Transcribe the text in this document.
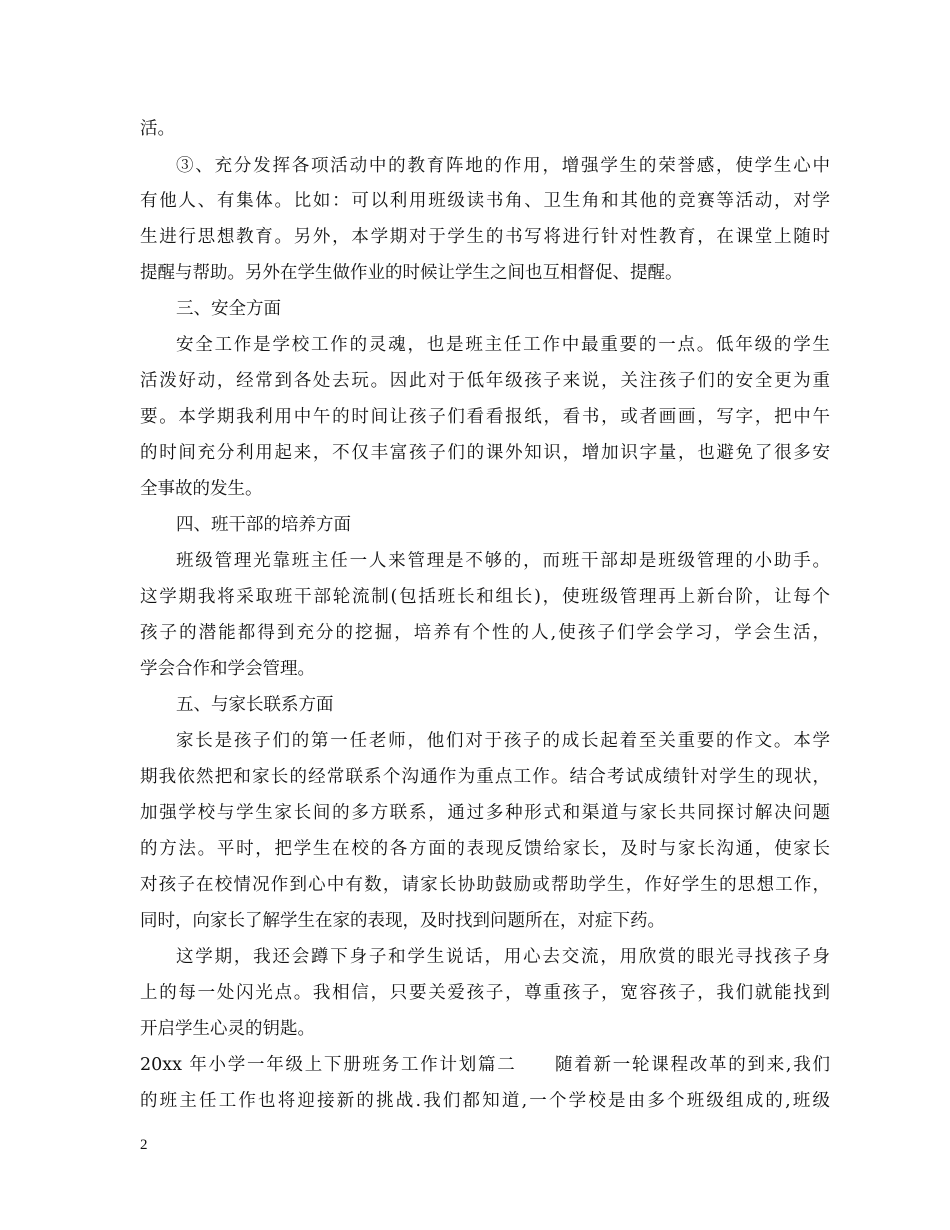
活。
③、充分发挥各项活动中的教育阵地的作用，增强学生的荣誉感，使学生心中
有他人、有集体。比如：可以利用班级读书角、卫生角和其他的竞赛等活动，对学
生进行思想教育。另外，本学期对于学生的书写将进行针对性教育，在课堂上随时
提醒与帮助。另外在学生做作业的时候让学生之间也互相督促、提醒。
三、安全方面
安全工作是学校工作的灵魂，也是班主任工作中最重要的一点。低年级的学生
活泼好动，经常到各处去玩。因此对于低年级孩子来说，关注孩子们的安全更为重
要。本学期我利用中午的时间让孩子们看看报纸，看书，或者画画，写字，把中午
的时间充分利用起来，不仅丰富孩子们的课外知识，增加识字量，也避免了很多安
全事故的发生。
四、班干部的培养方面
班级管理光靠班主任一人来管理是不够的，而班干部却是班级管理的小助手。
这学期我将采取班干部轮流制(包括班长和组长)，使班级管理再上新台阶，让每个
孩子的潜能都得到充分的挖掘，培养有个性的人,使孩子们学会学习，学会生活，
学会合作和学会管理。
五、与家长联系方面
家长是孩子们的第一任老师，他们对于孩子的成长起着至关重要的作文。本学
期我依然把和家长的经常联系个沟通作为重点工作。结合考试成绩针对学生的现状，
加强学校与学生家长间的多方联系，通过多种形式和渠道与家长共同探讨解决问题
的方法。平时，把学生在校的各方面的表现反馈给家长，及时与家长沟通，使家长
对孩子在校情况作到心中有数，请家长协助鼓励或帮助学生，作好学生的思想工作，
同时，向家长了解学生在家的表现，及时找到问题所在，对症下药。
这学期，我还会蹲下身子和学生说话，用心去交流，用欣赏的眼光寻找孩子身
上的每一处闪光点。我相信，只要关爱孩子，尊重孩子，宽容孩子，我们就能找到
开启学生心灵的钥匙。
20xx 年小学一年级上下册班务工作计划篇二　　随着新一轮课程改革的到来,我们
的班主任工作也将迎接新的挑战.我们都知道,一个学校是由多个班级组成的,班级
2
